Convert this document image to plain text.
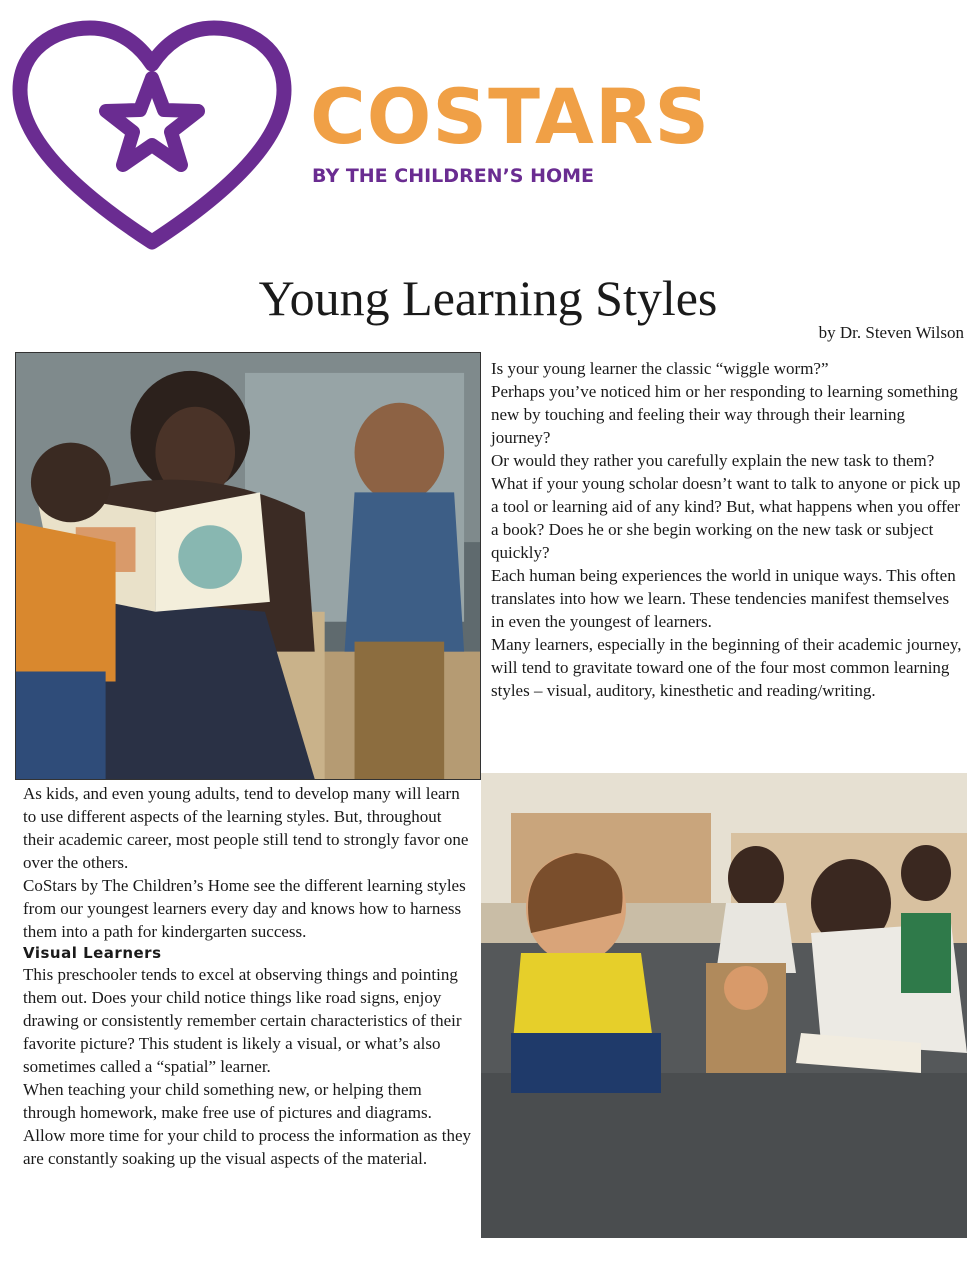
COSTARS
BY THE CHILDREN’S HOME
Young Learning Styles
by Dr. Steven Wilson

Is your young learner the classic “wiggle worm?”

Perhaps you’ve noticed him or her responding to learning something new by touching and feeling their way through their learning journey?

Or would they rather you carefully explain the new task to them?

What if your young scholar doesn’t want to talk to anyone or pick up a tool or learning aid of any kind? But, what happens when you offer a book? Does he or she begin working on the new task or subject quickly?

Each human being experiences the world in unique ways. This often translates into how we learn. These tendencies manifest themselves in even the youngest of learners.

Many learners, especially in the beginning of their academic journey, will tend to gravitate toward one of the four most common learning styles – visual, auditory, kinesthetic and reading/writing.

As kids, and even young adults, tend to develop many will learn to use different aspects of the learning styles. But, throughout their academic career, most people still tend to strongly favor one over the others.

CoStars by The Children’s Home see the different learning styles from our youngest learners every day and knows how to harness them into a path for kindergarten success.

Visual Learners

This preschooler tends to excel at observing things and pointing them out. Does your child notice things like road signs, enjoy drawing or consistently remember certain characteristics of their favorite picture? This student is likely a visual, or what’s also sometimes called a “spatial” learner.

When teaching your child something new, or helping them through homework, make free use of pictures and diagrams. Allow more time for your child to process the information as they are constantly soaking up the visual aspects of the material.
